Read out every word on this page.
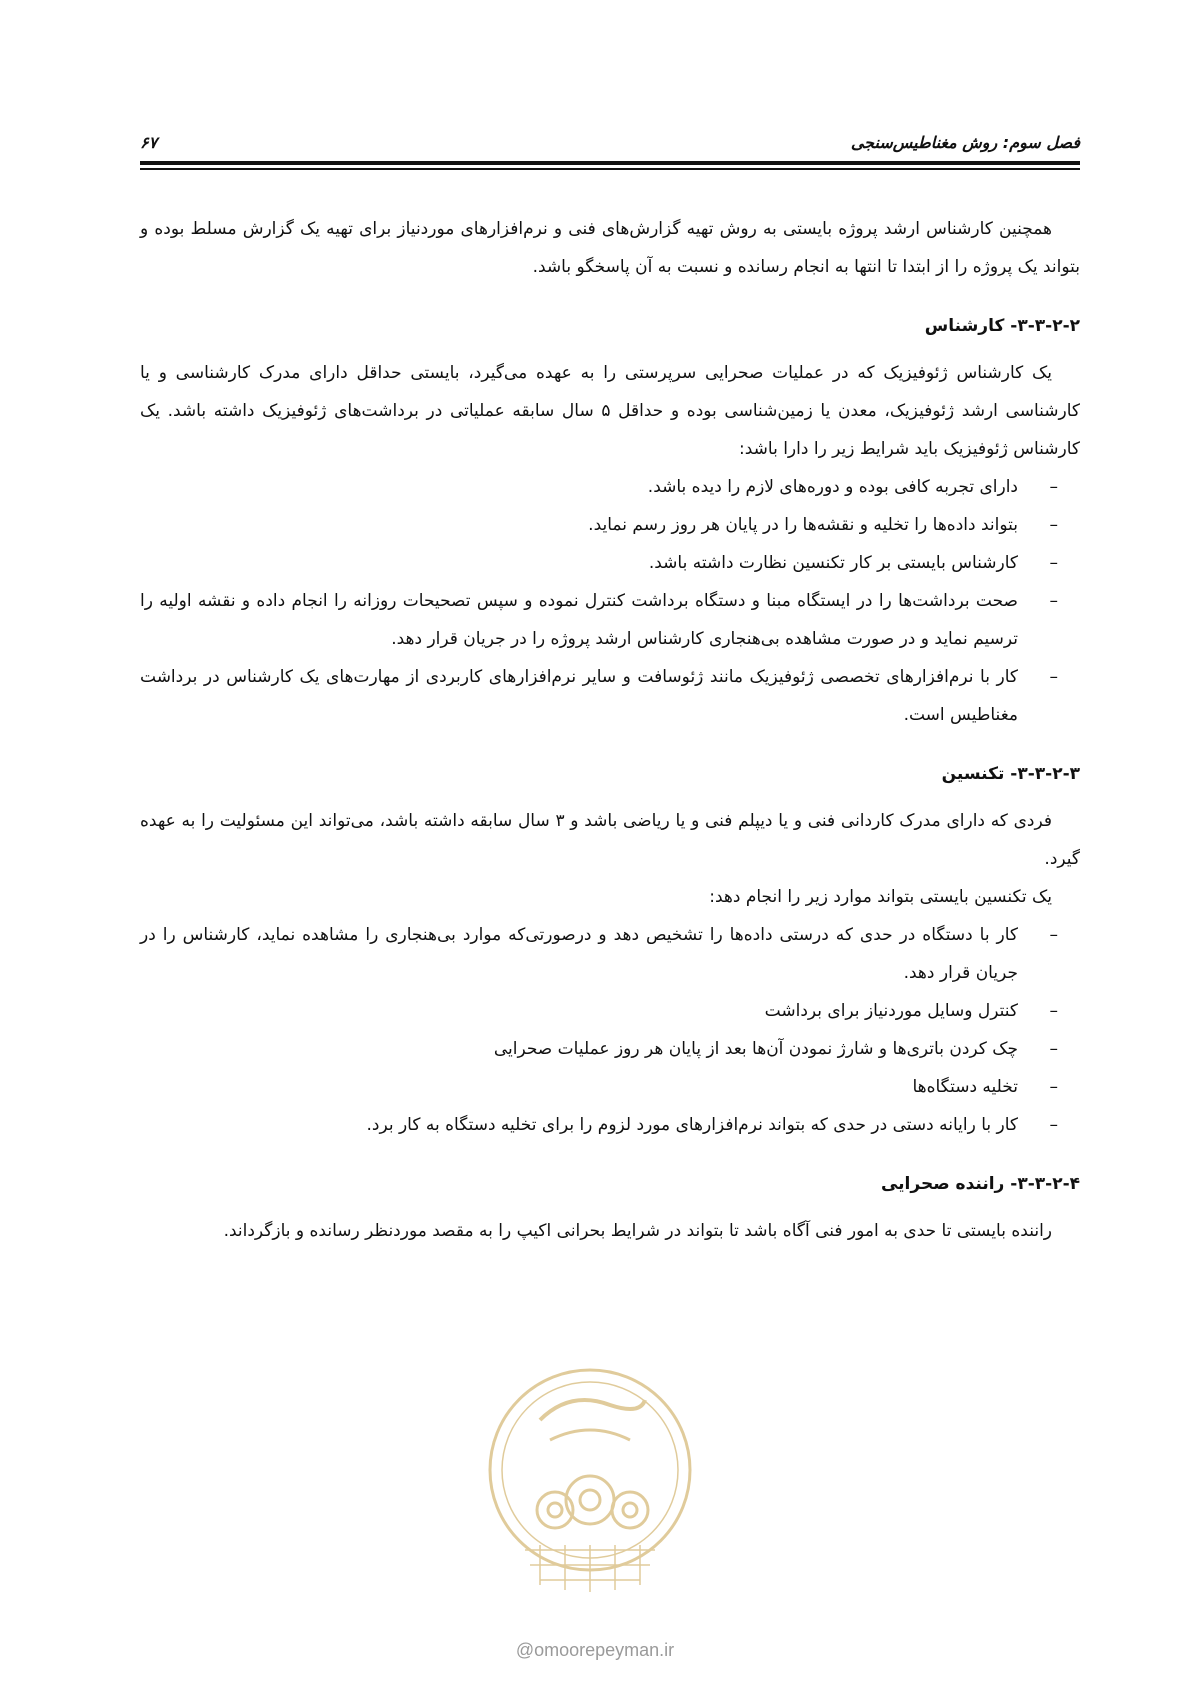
۶۷	فصل سوم: روش مغناطیس‌سنجی

همچنین کارشناس ارشد پروژه بایستی به روش تهیه گزارش‌های فنی و نرم‌افزارهای موردنیاز برای تهیه یک گزارش مسلط بوده و بتواند یک پروژه را از ابتدا تا انتها به انجام رسانده و نسبت به آن پاسخگو باشد.

۳-۳-۲-۲- کارشناس

یک کارشناس ژئوفیزیک که در عملیات صحرایی سرپرستی را به عهده می‌گیرد، بایستی حداقل دارای مدرک کارشناسی و یا کارشناسی ارشد ژئوفیزیک، معدن یا زمین‌شناسی بوده و حداقل ۵ سال سابقه عملیاتی در برداشت‌های ژئوفیزیک داشته باشد. یک کارشناس ژئوفیزیک باید شرایط زیر را دارا باشد:

–
دارای تجربه کافی بوده و دوره‌های لازم را دیده باشد.
–
بتواند داده‌ها را تخلیه و نقشه‌ها را در پایان هر روز رسم نماید.
–
کارشناس بایستی بر کار تکنسین نظارت داشته باشد.
–
صحت برداشت‌ها را در ایستگاه مبنا و دستگاه برداشت کنترل نموده و سپس تصحیحات روزانه را انجام داده و نقشه اولیه را ترسیم نماید و در صورت مشاهده بی‌هنجاری کارشناس ارشد پروژه را در جریان قرار دهد.
–
کار با نرم‌افزارهای تخصصی ژئوفیزیک مانند ژئوسافت و سایر نرم‌افزارهای کاربردی از مهارت‌های یک کارشناس در برداشت مغناطیس است.
۳-۳-۲-۳- تکنسین

فردی که دارای مدرک کاردانی فنی و یا دیپلم فنی و یا ریاضی باشد و ۳ سال سابقه داشته باشد، می‌تواند این مسئولیت را به عهده گیرد.

یک تکنسین بایستی بتواند موارد زیر را انجام دهد:

–
کار با دستگاه در حدی که درستی داده‌ها را تشخیص دهد و درصورتی‌که موارد بی‌هنجاری را مشاهده نماید، کارشناس را در جریان قرار دهد.
–
کنترل وسایل موردنیاز برای برداشت
–
چک کردن باتری‌ها و شارژ نمودن آن‌ها بعد از پایان هر روز عملیات صحرایی
–
تخلیه دستگاه‌ها
–
کار با رایانه دستی در حدی که بتواند نرم‌افزارهای مورد لزوم را برای تخلیه دستگاه به کار برد.
۳-۳-۲-۴- راننده صحرایی

راننده بایستی تا حدی به امور فنی آگاه باشد تا بتواند در شرایط بحرانی اکیپ را به مقصد موردنظر رسانده و بازگرداند.

@omoorepeyman.ir
